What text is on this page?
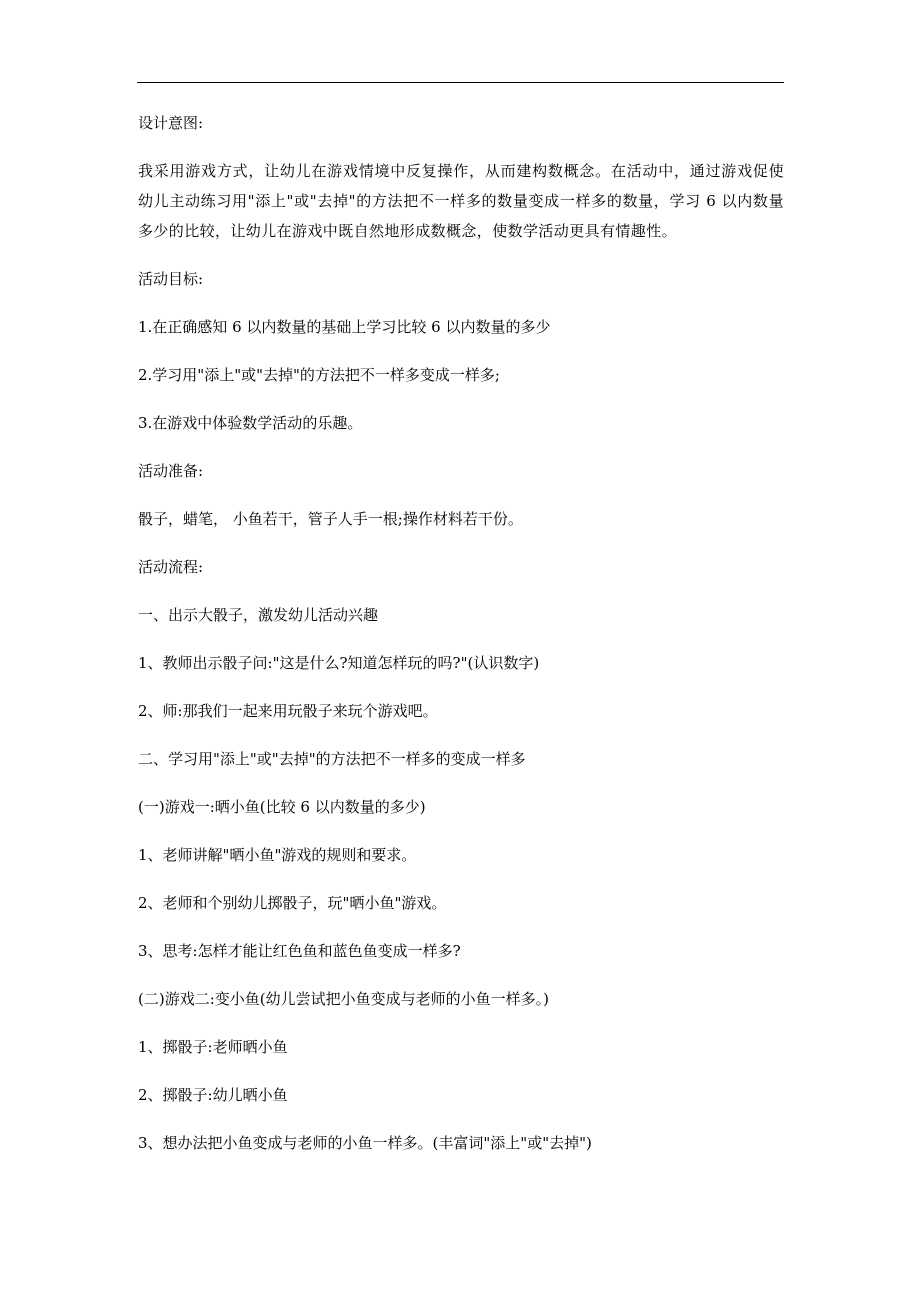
设计意图:

我采用游戏方式，让幼儿在游戏情境中反复操作，从而建构数概念。在活动中，通过游戏促使幼儿主动练习用"添上"或"去掉"的方法把不一样多的数量变成一样多的数量，学习 6 以内数量多少的比较，让幼儿在游戏中既自然地形成数概念，使数学活动更具有情趣性。

活动目标:

1.在正确感知 6 以内数量的基础上学习比较 6 以内数量的多少

2.学习用"添上"或"去掉"的方法把不一样多变成一样多;

3.在游戏中体验数学活动的乐趣。

活动准备:

骰子，蜡笔， 小鱼若干，管子人手一根;操作材料若干份。

活动流程:

一、出示大骰子，激发幼儿活动兴趣

1、教师出示骰子问:"这是什么?知道怎样玩的吗?"(认识数字)

2、师:那我们一起来用玩骰子来玩个游戏吧。

二、学习用"添上"或"去掉"的方法把不一样多的变成一样多

(一)游戏一:晒小鱼(比较 6 以内数量的多少)

1、老师讲解"晒小鱼"游戏的规则和要求。

2、老师和个别幼儿掷骰子，玩"晒小鱼"游戏。

3、思考:怎样才能让红色鱼和蓝色鱼变成一样多?

(二)游戏二:变小鱼(幼儿尝试把小鱼变成与老师的小鱼一样多。)

1、掷骰子:老师晒小鱼

2、掷骰子:幼儿晒小鱼

3、想办法把小鱼变成与老师的小鱼一样多。(丰富词"添上"或"去掉")
